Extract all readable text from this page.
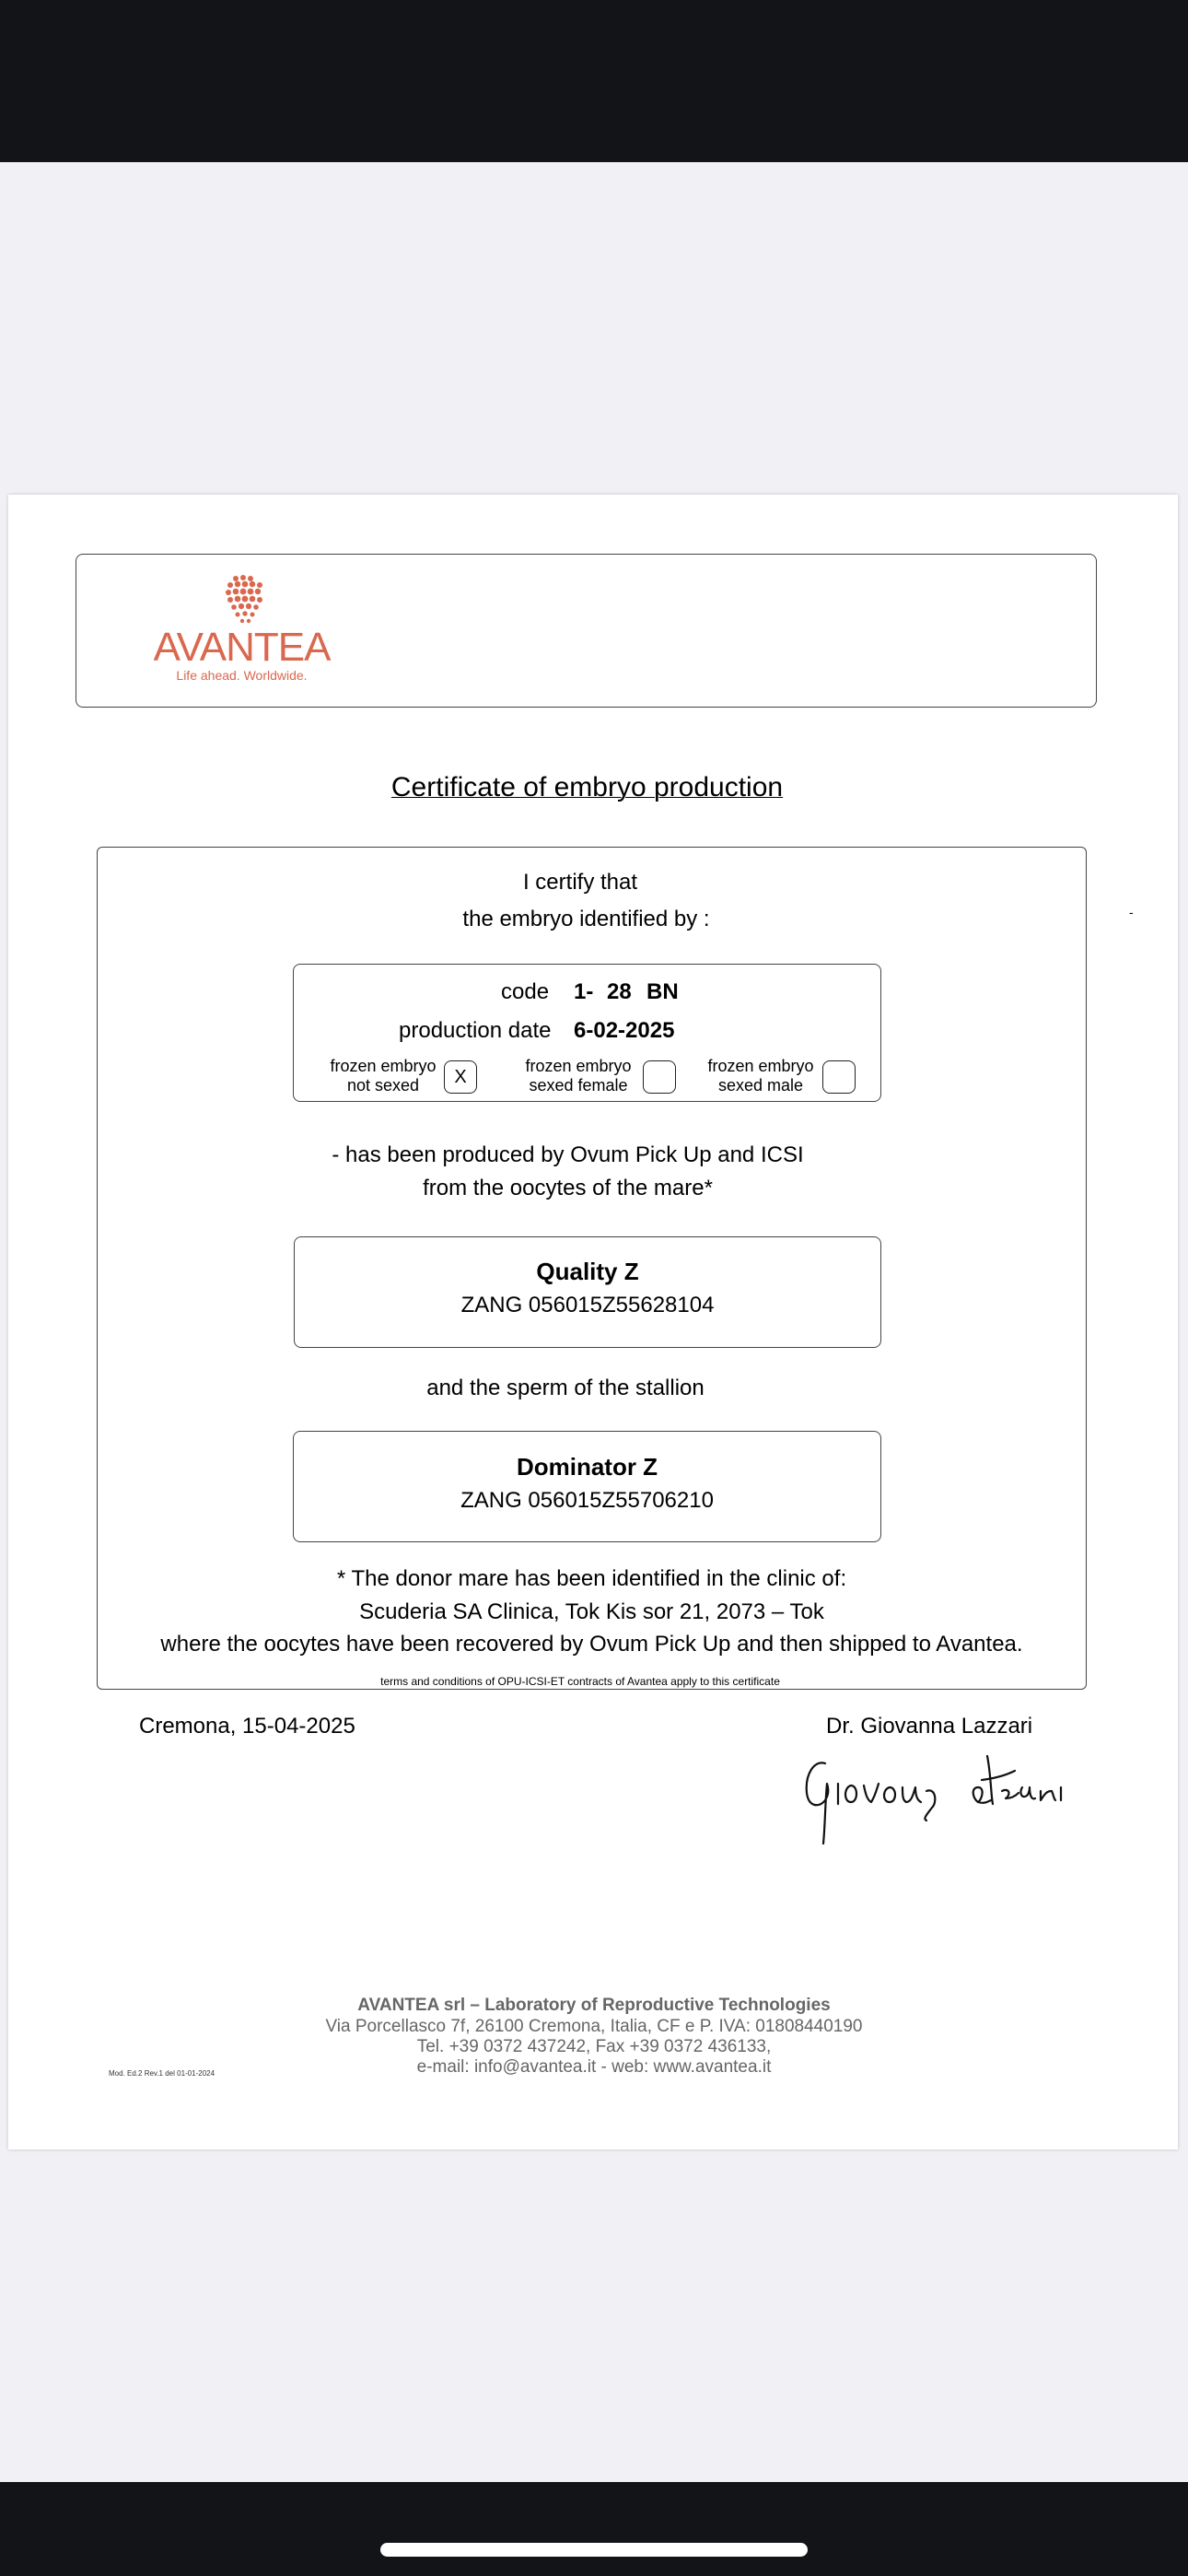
AVANTEA
Life ahead. Worldwide.
Certificate of embryo production
-
I certify that
the embryo identified by :
code 1- 28 BN
production date 6-02-2025
frozen embryo
not sexed	X
frozen embryo
sexed female
frozen embryo
sexed male
- has been produced by Ovum Pick Up and ICSI
from the oocytes of the mare*
Quality Z
ZANG 056015Z55628104
and the sperm of the stallion
Dominator Z
ZANG 056015Z55706210
* The donor mare has been identified in the clinic of:
Scuderia SA Clinica, Tok Kis sor 21, 2073 – Tok
where the oocytes have been recovered by Ovum Pick Up and then shipped to Avantea.
terms and conditions of OPU-ICSI-ET contracts of Avantea apply to this certificate
Cremona, 15-04-2025	Dr. Giovanna Lazzari
AVANTEA srl – Laboratory of Reproductive Technologies
Via Porcellasco 7f, 26100 Cremona, Italia, CF e P. IVA: 01808440190
Tel. +39 0372 437242, Fax +39 0372 436133,
e-mail: info@avantea.it - web: www.avantea.it
Mod. Ed.2 Rev.1 del 01-01-2024
